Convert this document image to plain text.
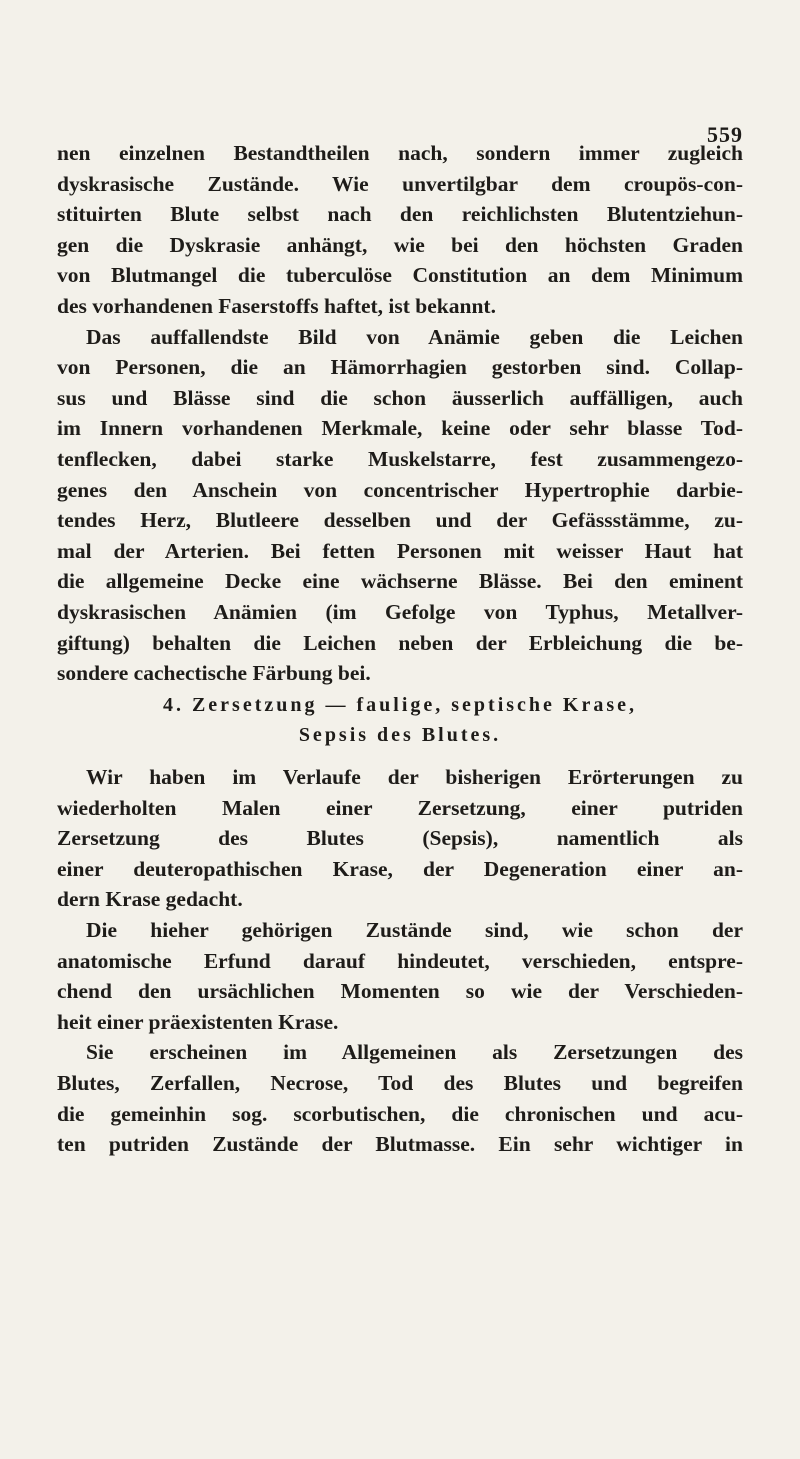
559
nen einzelnen Bestandtheilen nach, sondern immer zugleich
dyskrasische Zustände. Wie unvertilgbar dem croupös-con-
stituirten Blute selbst nach den reichlichsten Blutentziehun-
gen die Dyskrasie anhängt, wie bei den höchsten Graden
von Blutmangel die tuberculöse Constitution an dem Minimum
des vorhandenen Faserstoffs haftet, ist bekannt.
Das auffallendste Bild von Anämie geben die Leichen
von Personen, die an Hämorrhagien gestorben sind. Collap-
sus und Blässe sind die schon äusserlich auffälligen, auch
im Innern vorhandenen Merkmale, keine oder sehr blasse Tod-
tenflecken, dabei starke Muskelstarre, fest zusammengezo-
genes den Anschein von concentrischer Hypertrophie darbie-
tendes Herz, Blutleere desselben und der Gefässstämme, zu-
mal der Arterien. Bei fetten Personen mit weisser Haut hat
die allgemeine Decke eine wächserne Blässe. Bei den eminent
dyskrasischen Anämien (im Gefolge von Typhus, Metallver-
giftung) behalten die Leichen neben der Erbleichung die be-
sondere cachectische Färbung bei.
4. Zersetzung — faulige, septische Krase,
Sepsis des Blutes.
Wir haben im Verlaufe der bisherigen Erörterungen zu
wiederholten Malen einer Zersetzung, einer putriden
Zersetzung des Blutes (Sepsis), namentlich als
einer deuteropathischen Krase, der Degeneration einer an-
dern Krase gedacht.
Die hieher gehörigen Zustände sind, wie schon der
anatomische Erfund darauf hindeutet, verschieden, entspre-
chend den ursächlichen Momenten so wie der Verschieden-
heit einer präexistenten Krase.
Sie erscheinen im Allgemeinen als Zersetzungen des
Blutes, Zerfallen, Necrose, Tod des Blutes und begreifen
die gemeinhin sog. scorbutischen, die chronischen und acu-
ten putriden Zustände der Blutmasse. Ein sehr wichtiger in
